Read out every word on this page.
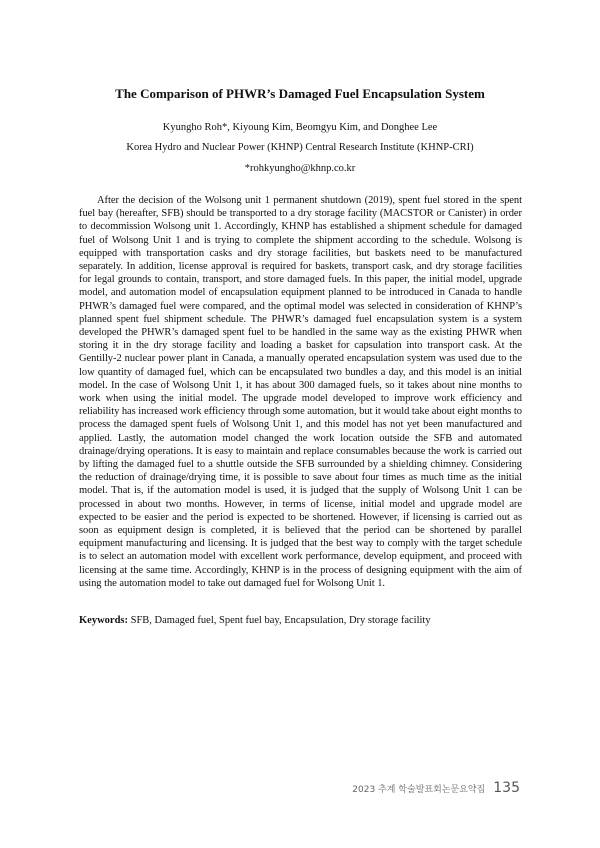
The Comparison of PHWR’s Damaged Fuel Encapsulation System
Kyungho Roh*, Kiyoung Kim, Beomgyu Kim, and Donghee Lee
Korea Hydro and Nuclear Power (KHNP) Central Research Institute (KHNP-CRI)
*rohkyungho@khnp.co.kr

After the decision of the Wolsong unit 1 permanent shutdown (2019), spent fuel stored in the spent fuel bay (hereafter, SFB) should be transported to a dry storage facility (MACSTOR or Canister) in order to decommission Wolsong unit 1. Accordingly, KHNP has established a shipment schedule for damaged fuel of Wolsong Unit 1 and is trying to complete the shipment according to the schedule. Wolsong is equipped with transportation casks and dry storage facilities, but baskets need to be manufactured separately. In addition, license approval is required for baskets, transport cask, and dry storage facilities for legal grounds to contain, transport, and store damaged fuels. In this paper, the initial model, upgrade model, and automation model of encapsulation equipment planned to be introduced in Canada to handle PHWR’s damaged fuel were compared, and the optimal model was selected in consideration of KHNP’s planned spent fuel shipment schedule. The PHWR’s damaged fuel encapsulation system is a system developed the PHWR’s damaged spent fuel to be handled in the same way as the existing PHWR when storing it in the dry storage facility and loading a basket for capsulation into transport cask. At the Gentilly-2 nuclear power plant in Canada, a manually operated encapsulation system was used due to the low quantity of damaged fuel, which can be encapsulated two bundles a day, and this model is an initial model. In the case of Wolsong Unit 1, it has about 300 damaged fuels, so it takes about nine months to work when using the initial model. The upgrade model developed to improve work efficiency and reliability has increased work efficiency through some automation, but it would take about eight months to process the damaged spent fuels of Wolsong Unit 1, and this model has not yet been manufactured and applied. Lastly, the automation model changed the work location outside the SFB and automated drainage/drying operations. It is easy to maintain and replace consumables because the work is carried out by lifting the damaged fuel to a shuttle outside the SFB surrounded by a shielding chimney. Considering the reduction of drainage/drying time, it is possible to save about four times as much time as the initial model. That is, if the automation model is used, it is judged that the supply of Wolsong Unit 1 can be processed in about two months. However, in terms of license, initial model and upgrade model are expected to be easier and the period is expected to be shortened. However, if licensing is carried out as soon as equipment design is completed, it is believed that the period can be shortened by parallel equipment manufacturing and licensing. It is judged that the best way to comply with the target schedule is to select an automation model with excellent work performance, develop equipment, and proceed with licensing at the same time. Accordingly, KHNP is in the process of designing equipment with the aim of using the automation model to take out damaged fuel for Wolsong Unit 1.

Keywords: SFB, Damaged fuel, Spent fuel bay, Encapsulation, Dry storage facility

2023 추계 학술발표회논문요약집 135
